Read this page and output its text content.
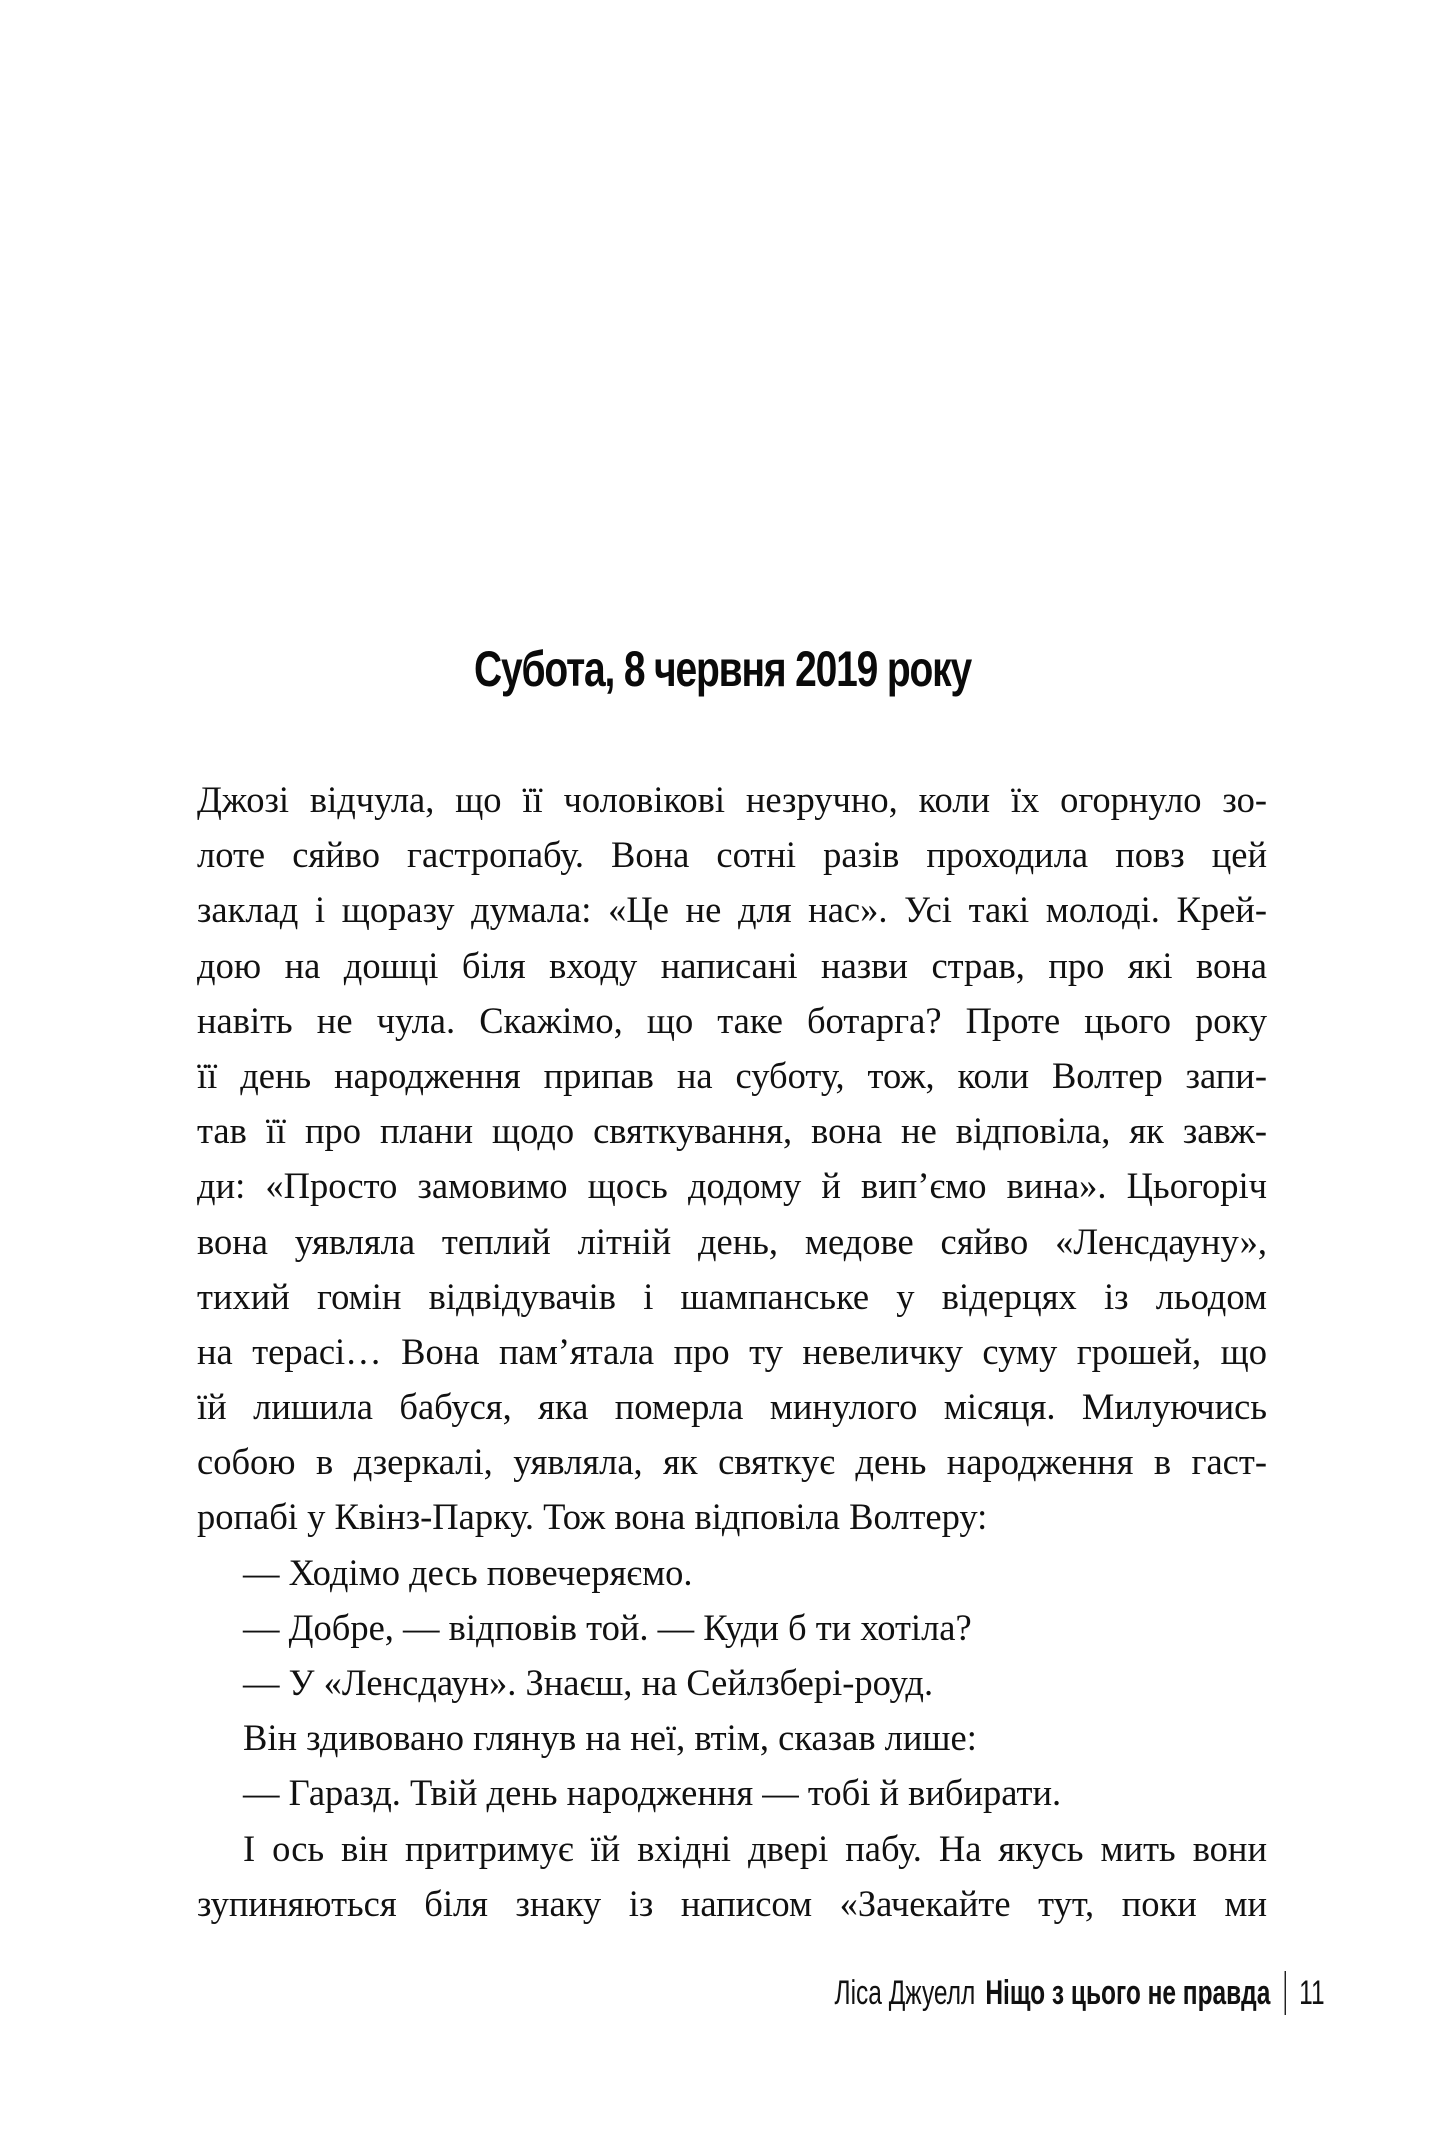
Субота, 8 червня 2019 року
Джозі відчула, що її чоловікові незручно, коли їх огорнуло зо-
лоте сяйво гастропабу. Вона сотні разів проходила повз цей
заклад і щоразу думала: «Це не для нас». Усі такі молоді. Крей-
дою на дошці біля входу написані назви страв, про які вона
навіть не чула. Скажімо, що таке ботарга? Проте цього року
її день народження припав на суботу, тож, коли Волтер запи-
тав її про плани щодо святкування, вона не відповіла, як завж-
ди: «Просто замовимо щось додому й вип’ємо вина». Цьогоріч
вона уявляла теплий літній день, медове сяйво «Ленсдауну»,
тихий гомін відвідувачів і шампанське у відерцях із льодом
на терасі… Вона пам’ятала про ту невеличку суму грошей, що
їй лишила бабуся, яка померла минулого місяця. Милуючись
собою в дзеркалі, уявляла, як святкує день народження в гаст-
ропабі у Квінз-Парку. Тож вона відповіла Волтеру:
— Ходімо десь повечеряємо.
— Добре, — відповів той. — Куди б ти хотіла?
— У «Ленсдаун». Знаєш, на Сейлзбері-роуд.
Він здивовано глянув на неї, втім, сказав лише:
— Гаразд. Твій день народження — тобі й вибирати.
І ось він притримує їй вхідні двері пабу. На якусь мить вони
зупиняються біля знаку із написом «Зачекайте тут, поки ми
Ліса Джуелл Ніщо з цього не правда 11
